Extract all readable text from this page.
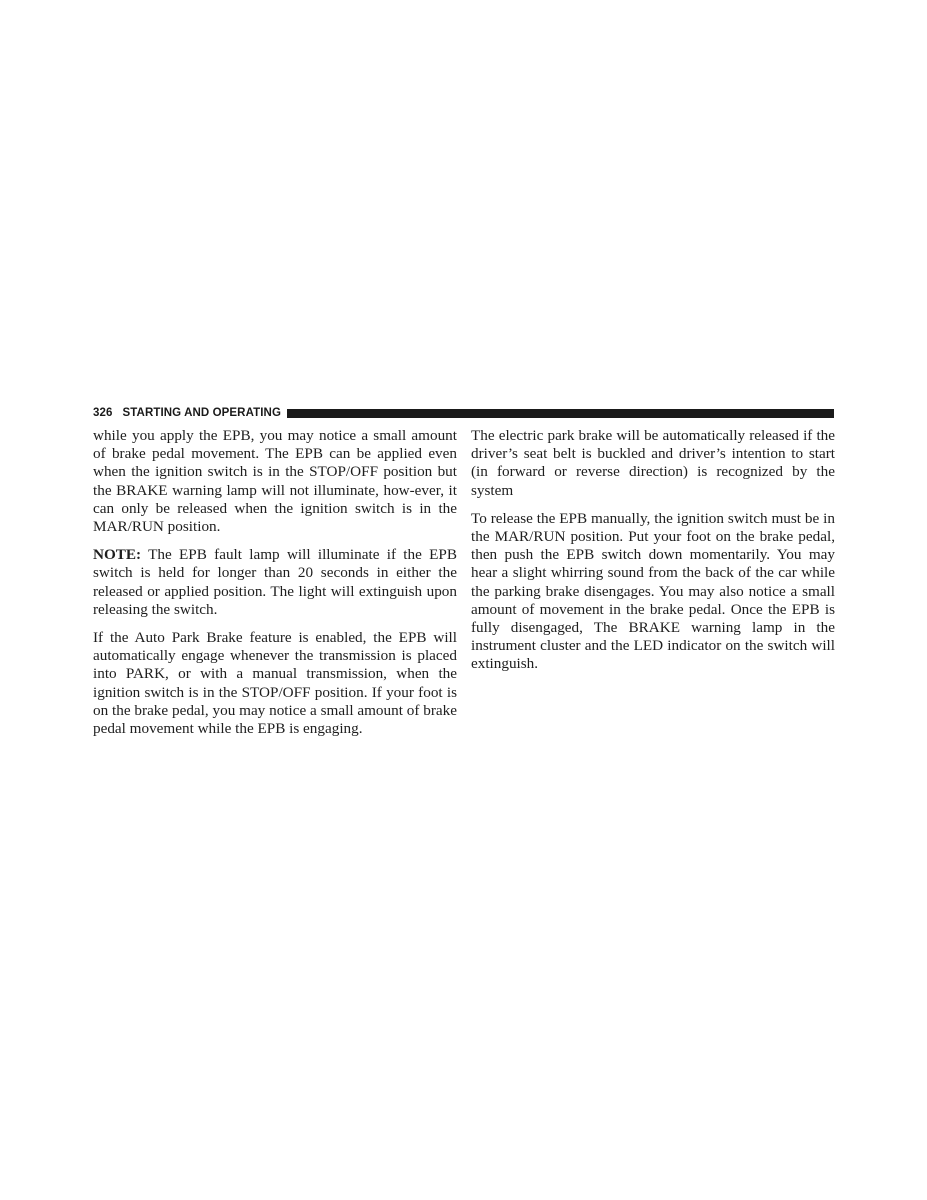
326 STARTING AND OPERATING

while you apply the EPB, you may notice a small amount of brake pedal movement. The EPB can be applied even when the ignition switch is in the STOP/OFF position but the BRAKE warning lamp will not illuminate, how-ever, it can only be released when the ignition switch is in the MAR/RUN position.

NOTE: The EPB fault lamp will illuminate if the EPB switch is held for longer than 20 seconds in either the released or applied position. The light will extinguish upon releasing the switch.

If the Auto Park Brake feature is enabled, the EPB will automatically engage whenever the transmission is placed into PARK, or with a manual transmission, when the ignition switch is in the STOP/OFF position. If your foot is on the brake pedal, you may notice a small amount of brake pedal movement while the EPB is engaging.

The electric park brake will be automatically released if the driver’s seat belt is buckled and driver’s intention to start (in forward or reverse direction) is recognized by the system

To release the EPB manually, the ignition switch must be in the MAR/RUN position. Put your foot on the brake pedal, then push the EPB switch down momentarily. You may hear a slight whirring sound from the back of the car while the parking brake disengages. You may also notice a small amount of movement in the brake pedal. Once the EPB is fully disengaged, The BRAKE warning lamp in the instrument cluster and the LED indicator on the switch will extinguish.
